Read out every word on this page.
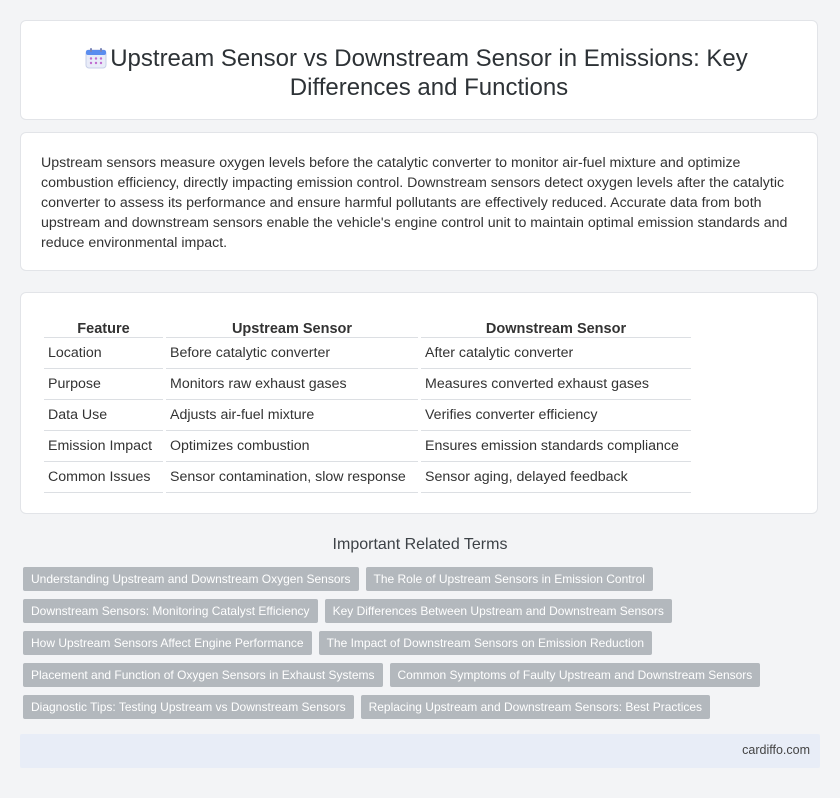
Upstream Sensor vs Downstream Sensor in Emissions: Key Differences and Functions

Upstream sensors measure oxygen levels before the catalytic converter to monitor air-fuel mixture and optimize combustion efficiency, directly impacting emission control. Downstream sensors detect oxygen levels after the catalytic converter to assess its performance and ensure harmful pollutants are effectively reduced. Accurate data from both upstream and downstream sensors enable the vehicle's engine control unit to maintain optimal emission standards and reduce environmental impact.

Feature		Upstream Sensor		Downstream Sensor
Location		Before catalytic converter		After catalytic converter
Purpose		Monitors raw exhaust gases		Measures converted exhaust gases
Data Use		Adjusts air-fuel mixture		Verifies converter efficiency
Emission Impact		Optimizes combustion		Ensures emission standards compliance
Common Issues		Sensor contamination, slow response		Sensor aging, delayed feedback
Important Related Terms
Understanding Upstream and Downstream Oxygen Sensors	The Role of Upstream Sensors in Emission Control
Downstream Sensors: Monitoring Catalyst Efficiency	Key Differences Between Upstream and Downstream Sensors
How Upstream Sensors Affect Engine Performance	The Impact of Downstream Sensors on Emission Reduction
Placement and Function of Oxygen Sensors in Exhaust Systems	Common Symptoms of Faulty Upstream and Downstream Sensors
Diagnostic Tips: Testing Upstream vs Downstream Sensors	Replacing Upstream and Downstream Sensors: Best Practices
cardiffo.com
